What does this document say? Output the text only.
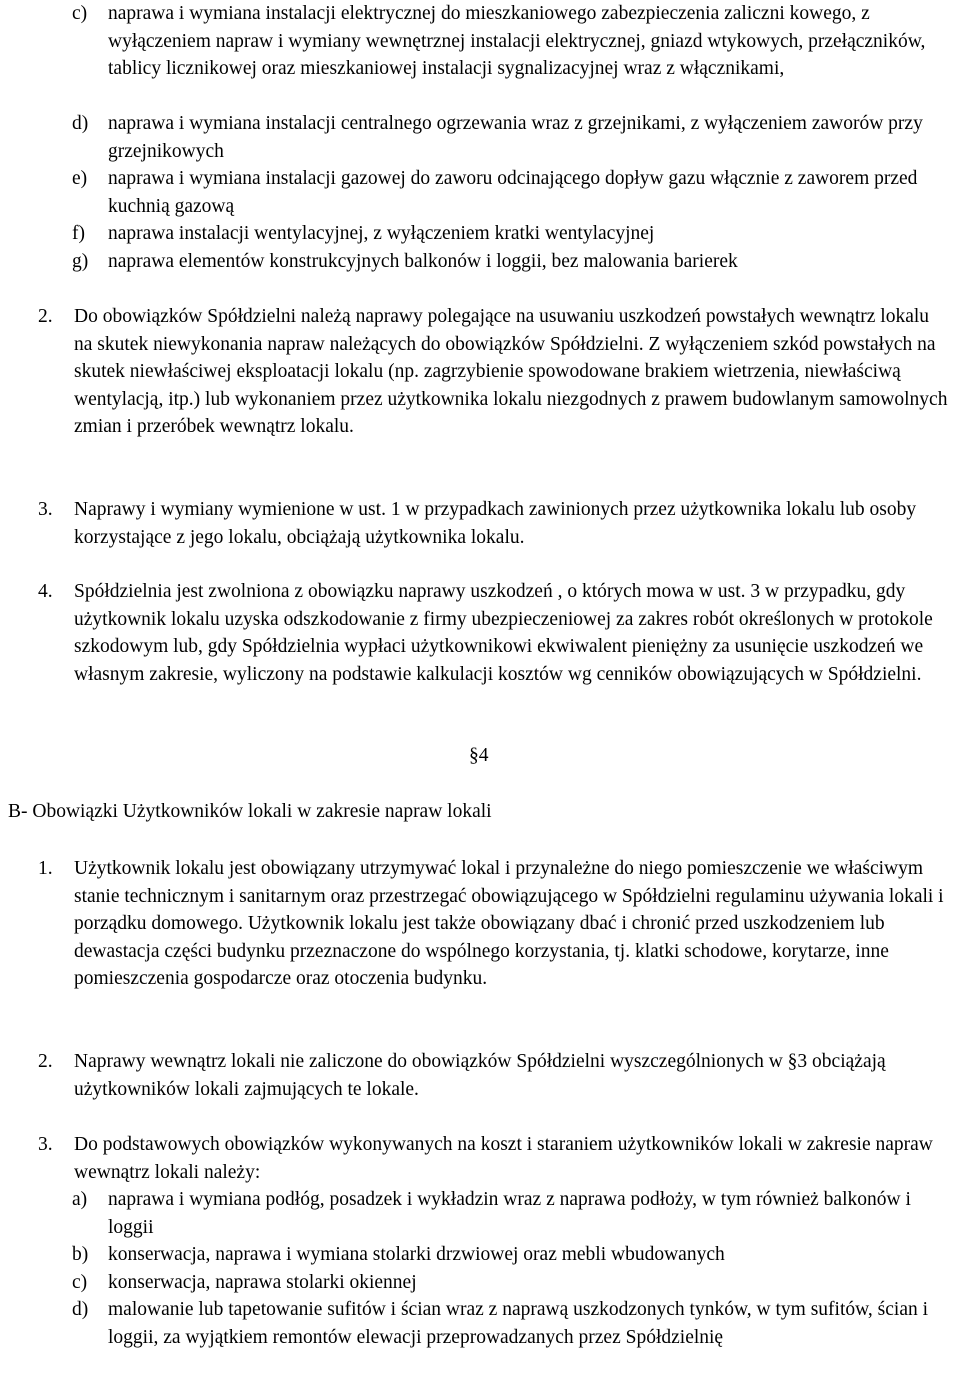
c) naprawa i wymiana instalacji elektrycznej do mieszkaniowego zabezpieczenia zaliczni kowego, z wyłączeniem napraw i wymiany wewnętrznej instalacji elektrycznej, gniazd wtykowych, przełączników, tablicy licznikowej oraz mieszkaniowej instalacji sygnalizacyjnej wraz z włącznikami,
d) naprawa i wymiana instalacji centralnego ogrzewania wraz z grzejnikami, z wyłączeniem zaworów przy grzejnikowych
e) naprawa i wymiana instalacji gazowej do zaworu odcinającego dopływ gazu włącznie z zaworem przed kuchnią gazową
f) naprawa instalacji wentylacyjnej, z wyłączeniem kratki wentylacyjnej
g) naprawa elementów konstrukcyjnych balkonów i loggii, bez malowania barierek
2. Do obowiązków Spółdzielni należą naprawy polegające na usuwaniu uszkodzeń powstałych wewnątrz lokalu na skutek niewykonania napraw należących do obowiązków Spółdzielni. Z wyłączeniem szkód powstałych na skutek niewłaściwej eksploatacji lokalu (np. zagrzybienie spowodowane brakiem wietrzenia, niewłaściwą wentylacją, itp.) lub wykonaniem przez użytkownika lokalu niezgodnych z prawem budowlanym samowolnych zmian i przeróbek wewnątrz lokalu.
3. Naprawy i wymiany wymienione w ust. 1 w przypadkach zawinionych przez użytkownika lokalu lub osoby korzystające z jego lokalu, obciążają użytkownika lokalu.
4. Spółdzielnia jest zwolniona z obowiązku naprawy uszkodzeń , o których mowa w ust. 3 w przypadku, gdy użytkownik lokalu uzyska odszkodowanie z firmy ubezpieczeniowej za zakres robót określonych w protokole szkodowym lub, gdy Spółdzielnia wypłaci użytkownikowi ekwiwalent pieniężny za usunięcie uszkodzeń we własnym zakresie, wyliczony na podstawie kalkulacji kosztów wg cenników obowiązujących w Spółdzielni.
§4
B- Obowiązki Użytkowników lokali w zakresie napraw lokali
1. Użytkownik lokalu jest obowiązany utrzymywać lokal i przynależne do niego pomieszczenie we właściwym stanie technicznym i sanitarnym oraz przestrzegać obowiązującego w Spółdzielni regulaminu używania lokali i porządku domowego. Użytkownik lokalu jest także obowiązany dbać i chronić przed uszkodzeniem lub dewastacja części budynku przeznaczone do wspólnego korzystania, tj. klatki schodowe, korytarze, inne pomieszczenia gospodarcze oraz otoczenia budynku.
2. Naprawy wewnątrz lokali nie zaliczone do obowiązków Spółdzielni wyszczególnionych w §3 obciążają użytkowników lokali zajmujących te lokale.
3. Do podstawowych obowiązków wykonywanych na koszt i staraniem użytkowników lokali w zakresie napraw wewnątrz lokali należy:
a) naprawa i wymiana podłóg, posadzek i wykładzin wraz z naprawa podłoży, w tym również balkonów i loggii
b) konserwacja, naprawa i wymiana stolarki drzwiowej oraz mebli wbudowanych
c) konserwacja, naprawa stolarki okiennej
d) malowanie lub tapetowanie sufitów i ścian wraz z naprawą uszkodzonych tynków, w tym sufitów, ścian i loggii, za wyjątkiem remontów elewacji przeprowadzanych przez Spółdzielnię
